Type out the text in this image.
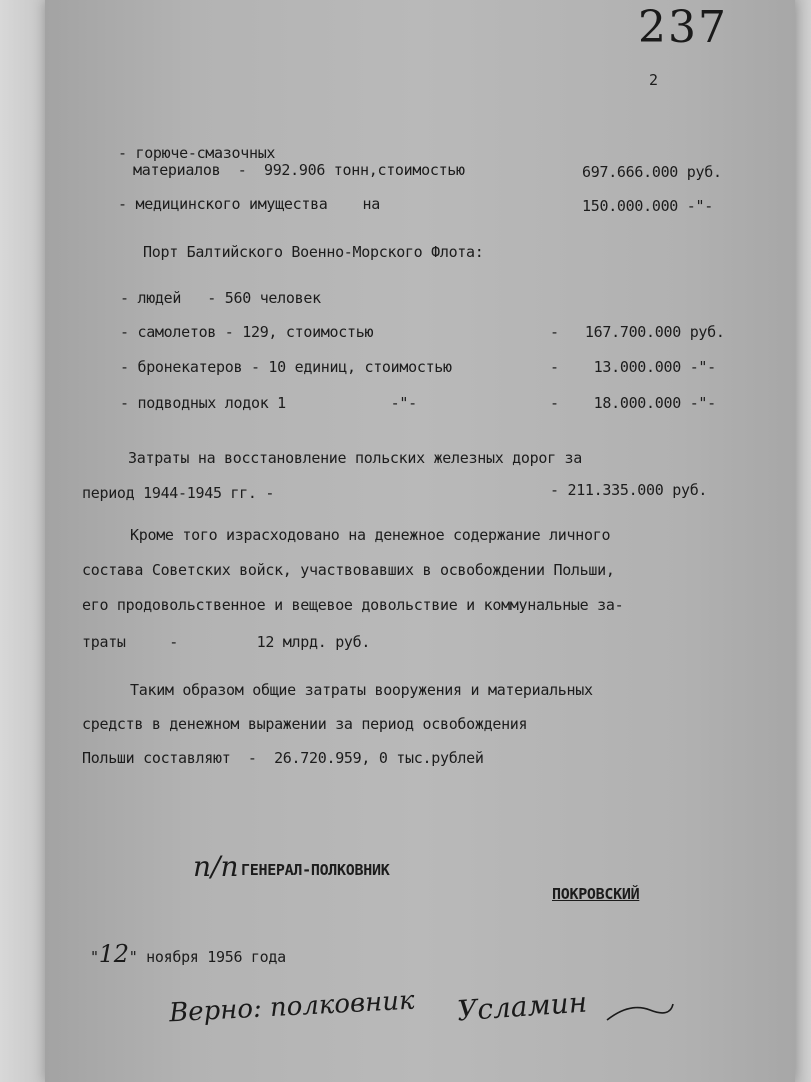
237
2
- горюче-смазочных
материалов  -  992.906 тонн,стоимостью	697.666.000 руб.
- медицинского имущества    на	150.000.000 -"-
Порт Балтийского Военно-Морского Флота:
- людей   - 560 человек
- самолетов - 129, стоимостью	-   167.700.000 руб.
- бронекатеров - 10 единиц, стоимостью	-    13.000.000 -"-
- подводных лодок 1            -"-	-    18.000.000 -"-
Затраты на восстановление польских железных дорог за
период 1944-1945 гг. -	- 211.335.000 руб.
Кроме того израсходовано на денежное содержание личного
состава Советских войск, участвовавших в освобождении Польши,
его продовольственное и вещевое довольствие и коммунальные за-
траты     -         12 млрд. руб.
Таким образом общие затраты вооружения и материальных
средств в денежном выражении за период освобождения
Польши составляют  -  26.720.959, 0 тыс.рублей
п/п ГЕНЕРАЛ-ПОЛКОВНИК
ПОКРОВСКИЙ
"12" ноября 1956 года
Верно: полковник Усламин
